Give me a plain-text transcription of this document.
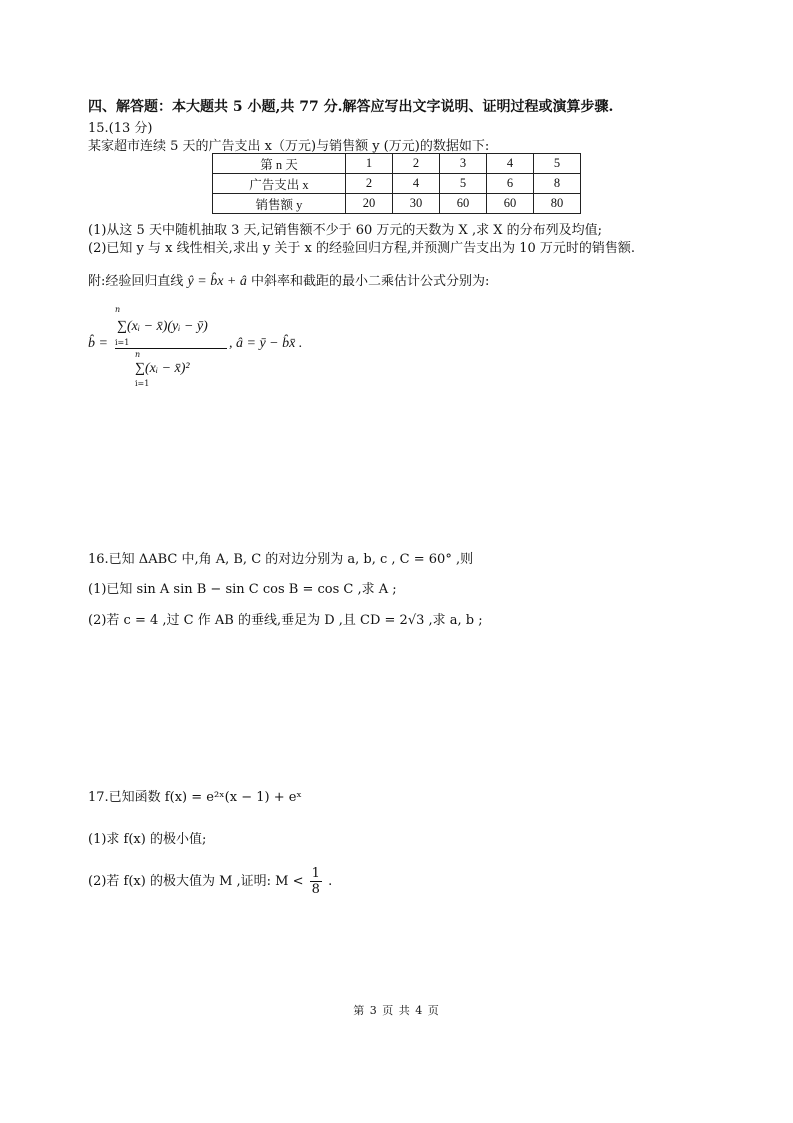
四、解答题：本大题共 5 小题,共 77 分.解答应写出文字说明、证明过程或演算步骤.
15.(13 分)
某家超市连续 5 天的广告支出 x（万元)与销售额 y (万元)的数据如下:
第 n 天	1	2	3	4	5
广告支出 x	2	4	5	6	8
销售额 y	20	30	60	60	80
(1)从这 5 天中随机抽取 3 天,记销售额不少于 60 万元的天数为 X ,求 X 的分布列及均值;
(2)已知 y 与 x 线性相关,求出 y 关于 x 的经验回归方程,并预测广告支出为 10 万元时的销售额.
附:经验回归直线 ŷ = b̂x + â 中斜率和截距的最小二乘估计公式分别为:
b̂ =
n
∑(xᵢ − x̄)(yᵢ − ȳ)
i=1
n
∑(xᵢ − x̄)²
i=1
, â = ȳ − b̂x̄ .
16.已知 ΔABC 中,角 A, B, C 的对边分别为 a, b, c , C = 60° ,则
(1)已知 sin A sin B − sin C cos B = cos C ,求 A ;
(2)若 c = 4 ,过 C 作 AB 的垂线,垂足为 D ,且 CD = 2√3 ,求 a, b ;
17.已知函数 f(x) = e²ˣ(x − 1) + eˣ
(1)求 f(x) 的极小值;
(2)若 f(x) 的极大值为 M ,证明: $M < \frac{1}{8}$ .
第 3 页 共 4 页
